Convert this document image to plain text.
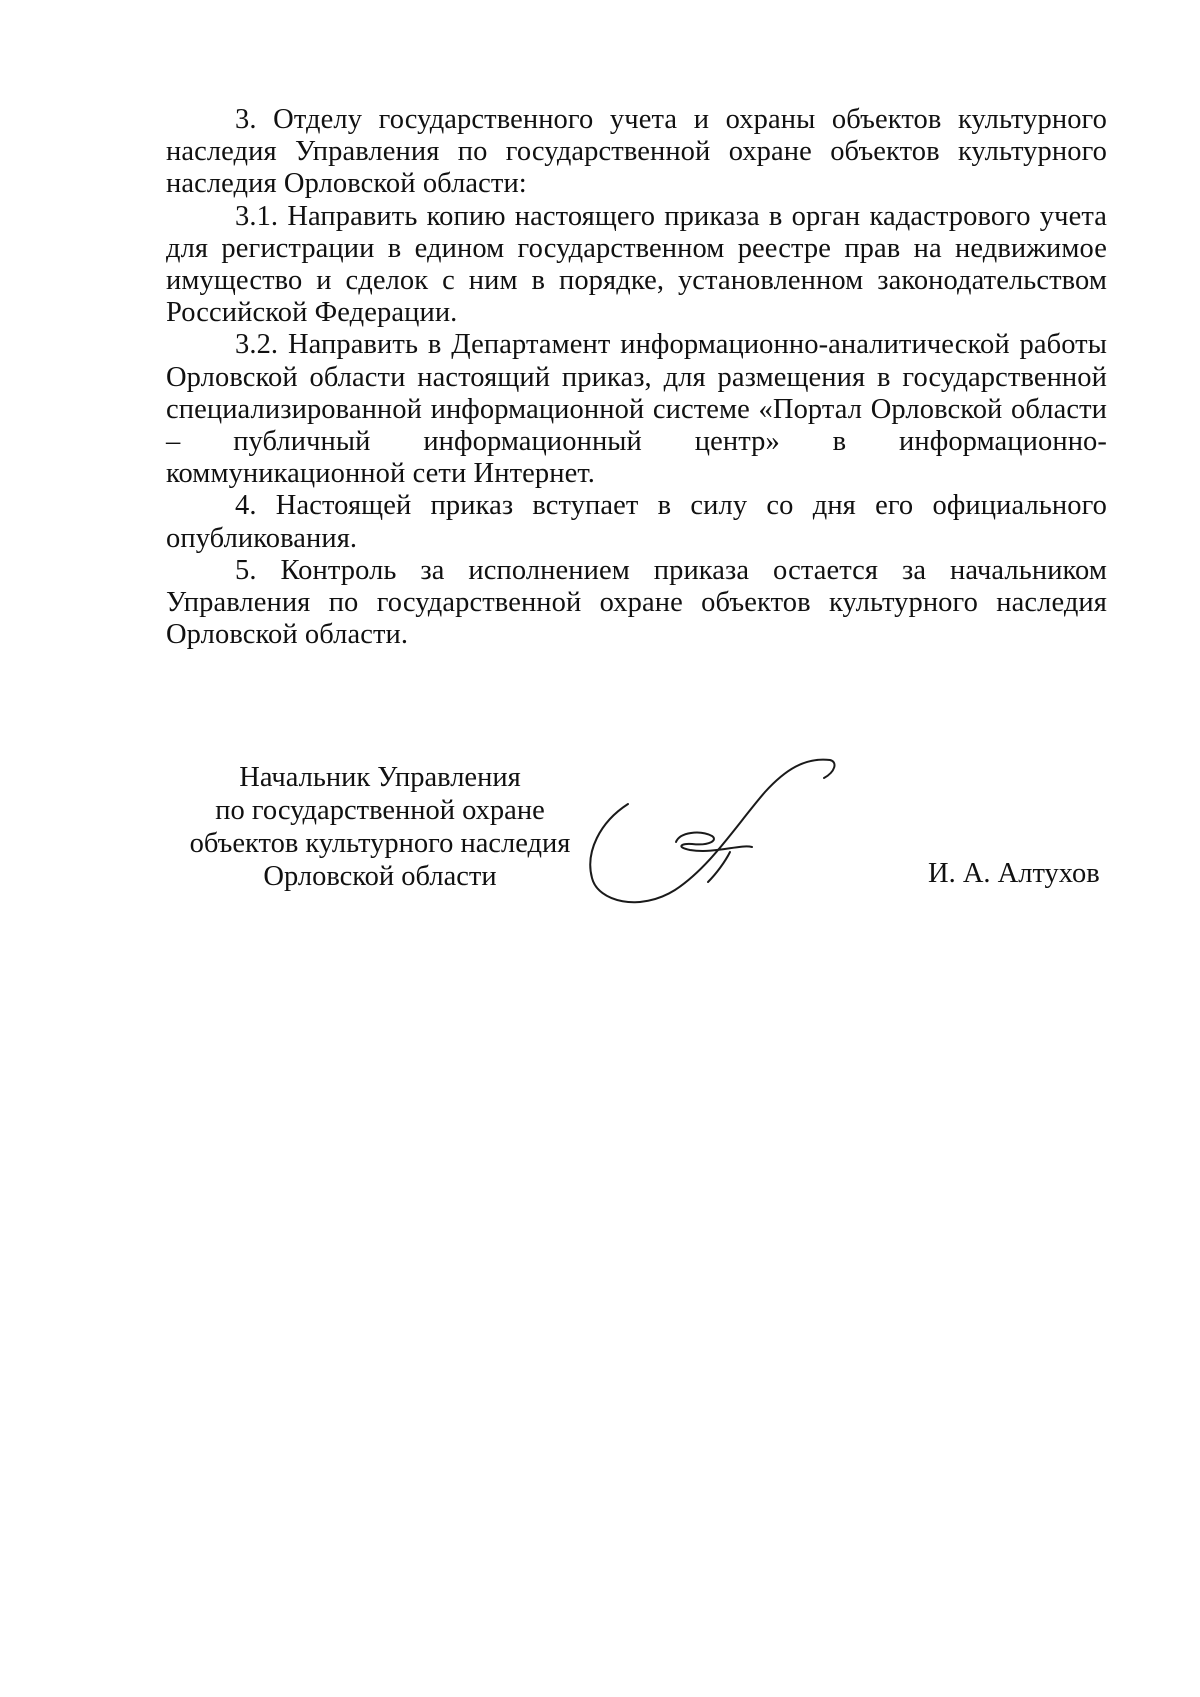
3. Отделу государственного учета и охраны объектов культурного наследия Управления по государственной охране объектов культурного наследия Орловской области:

3.1. Направить копию настоящего приказа в орган кадастрового учета для регистрации в едином государственном реестре прав на недвижимое имущество и сделок с ним в порядке, установленном законодательством Российской Федерации.

3.2. Направить в Департамент информационно-аналитической работы Орловской области настоящий приказ, для размещения в государственной специализированной информационной системе «Портал Орловской области – публичный информационный центр» в информационно-коммуникационной сети Интернет.

4. Настоящей приказ вступает в силу со дня его официального опубликования.

5. Контроль за исполнением приказа остается за начальником Управления по государственной охране объектов культурного наследия Орловской области.

Начальник Управления
по государственной охране
объектов культурного наследия
Орловской области	И. А. Алтухов
